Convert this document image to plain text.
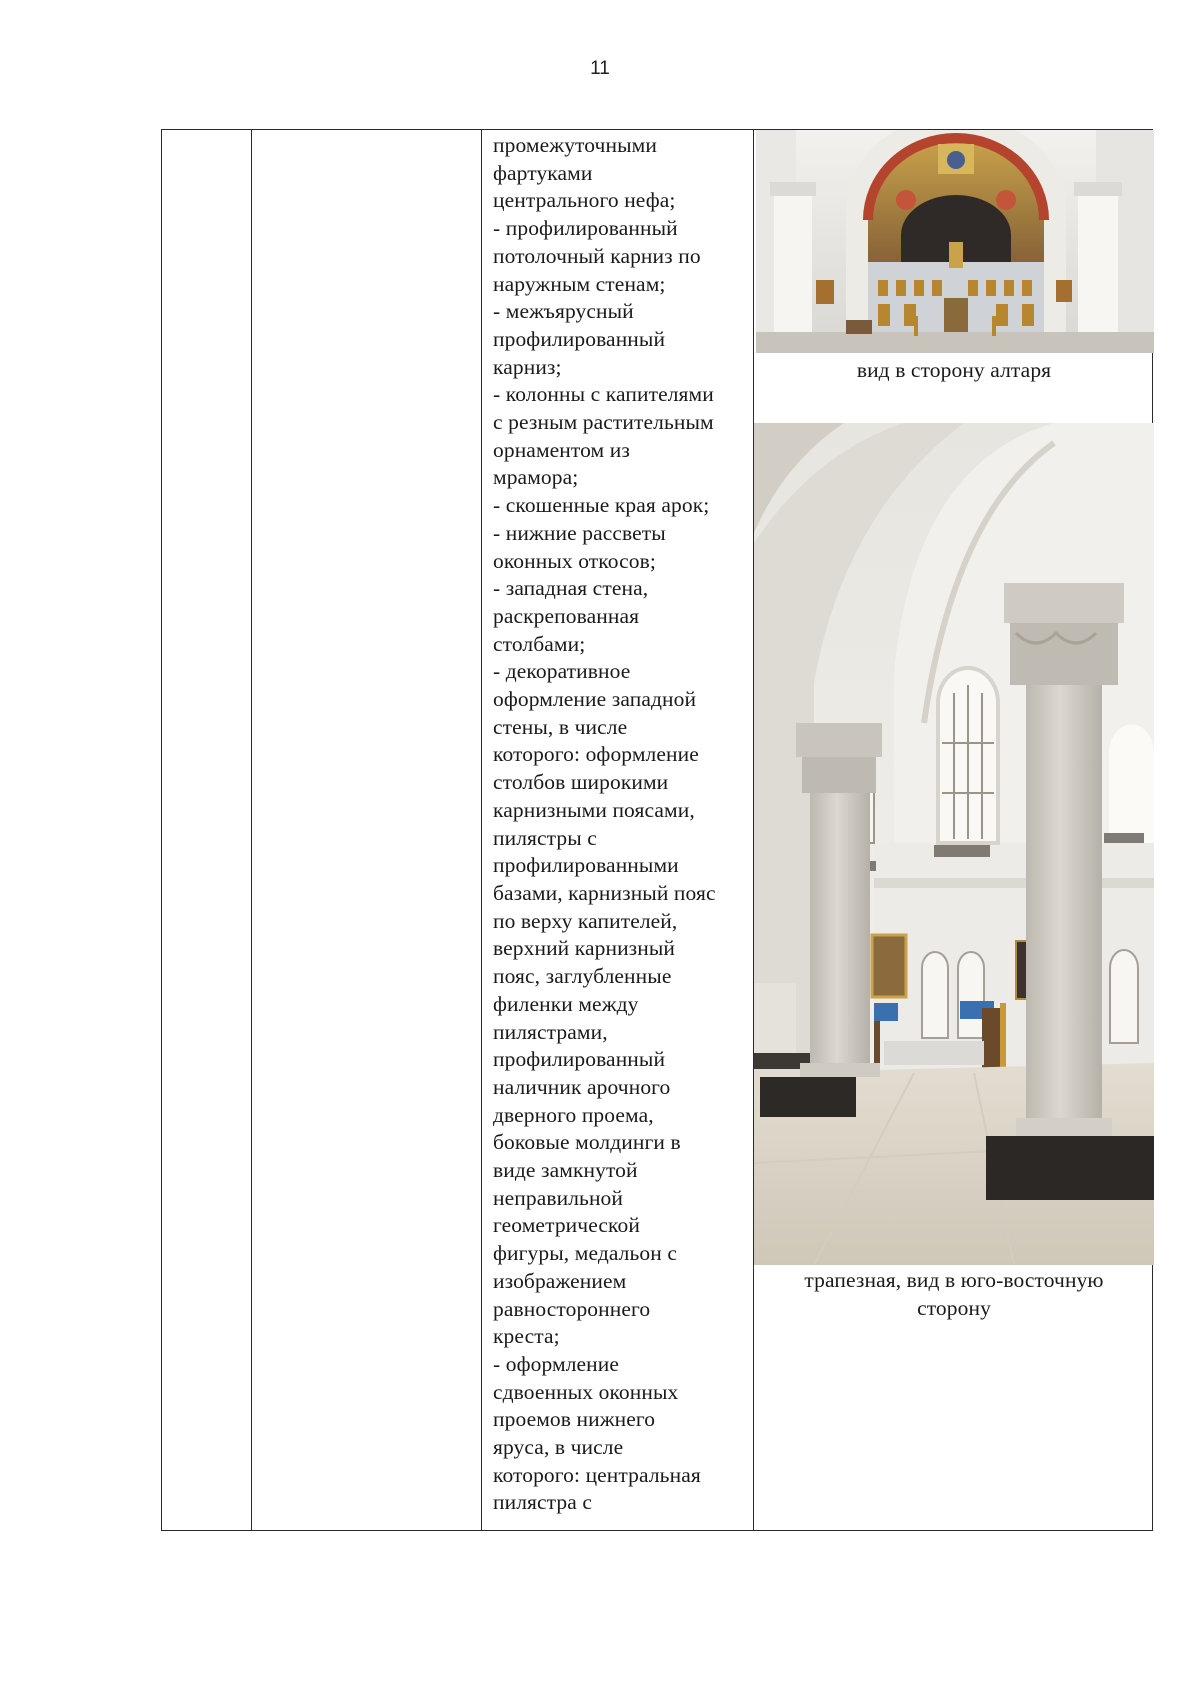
11
промежуточными
фартуками
центрального нефа;
- профилированный
потолочный карниз по
наружным стенам;
- межъярусный
профилированный
карниз;
- колонны с капителями
с резным растительным
орнаментом из
мрамора;
- скошенные края арок;
- нижние рассветы
оконных откосов;
- западная стена,
раскрепованная
столбами;
- декоративное
оформление западной
стены, в числе
которого: оформление
столбов широкими
карнизными поясами,
пилястры с
профилированными
базами, карнизный пояс
по верху капителей,
верхний карнизный
пояс, заглубленные
филенки между
пилястрами,
профилированный
наличник арочного
дверного проема,
боковые молдинги в
виде замкнутой
неправильной
геометрической
фигуры, медальон с
изображением
равностороннего
креста;
- оформление
сдвоенных оконных
проемов нижнего
яруса, в числе
которого: центральная
пилястра с
вид в сторону алтаря
трапезная, вид в юго-восточную
сторону
